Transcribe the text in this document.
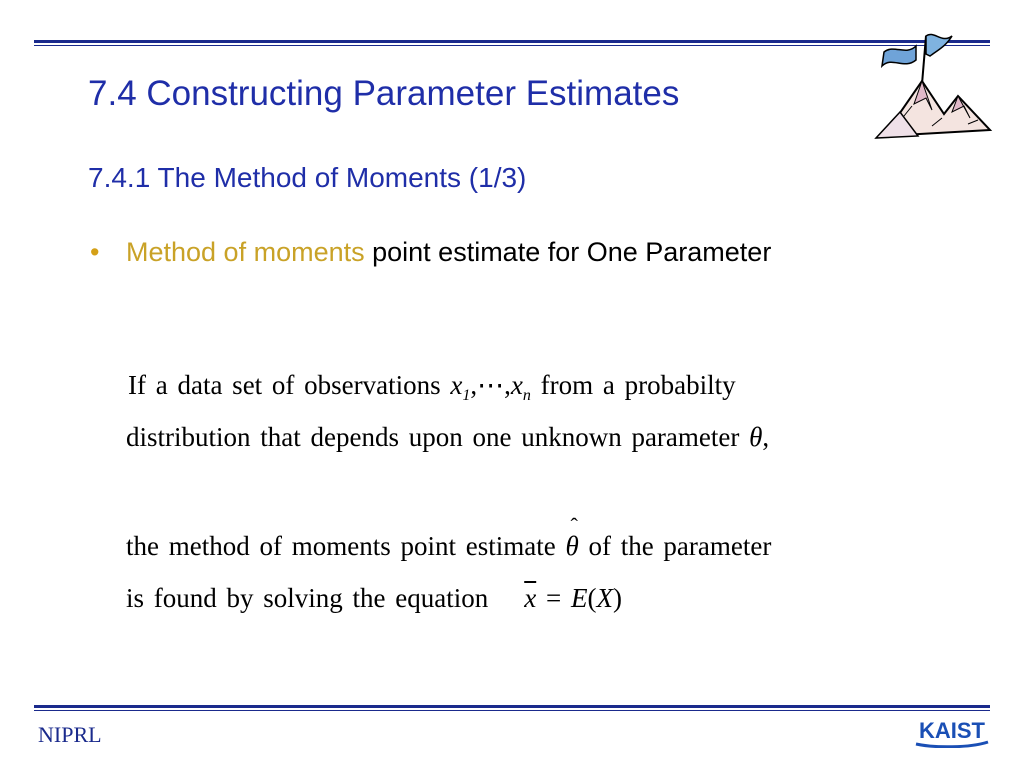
7.4 Constructing Parameter Estimates
7.4.1 The Method of Moments (1/3)
• Method of moments point estimate for One Parameter
If a data set of observations $x_1,\cdots,x_n$ from a probabilty
distribution that depends upon one unknown parameter θ,
the method of moments point estimate
ˆ
θ of the parameter
is found by solving the equation $\overline{x} = E(X)$
NIPRL	KAIST
